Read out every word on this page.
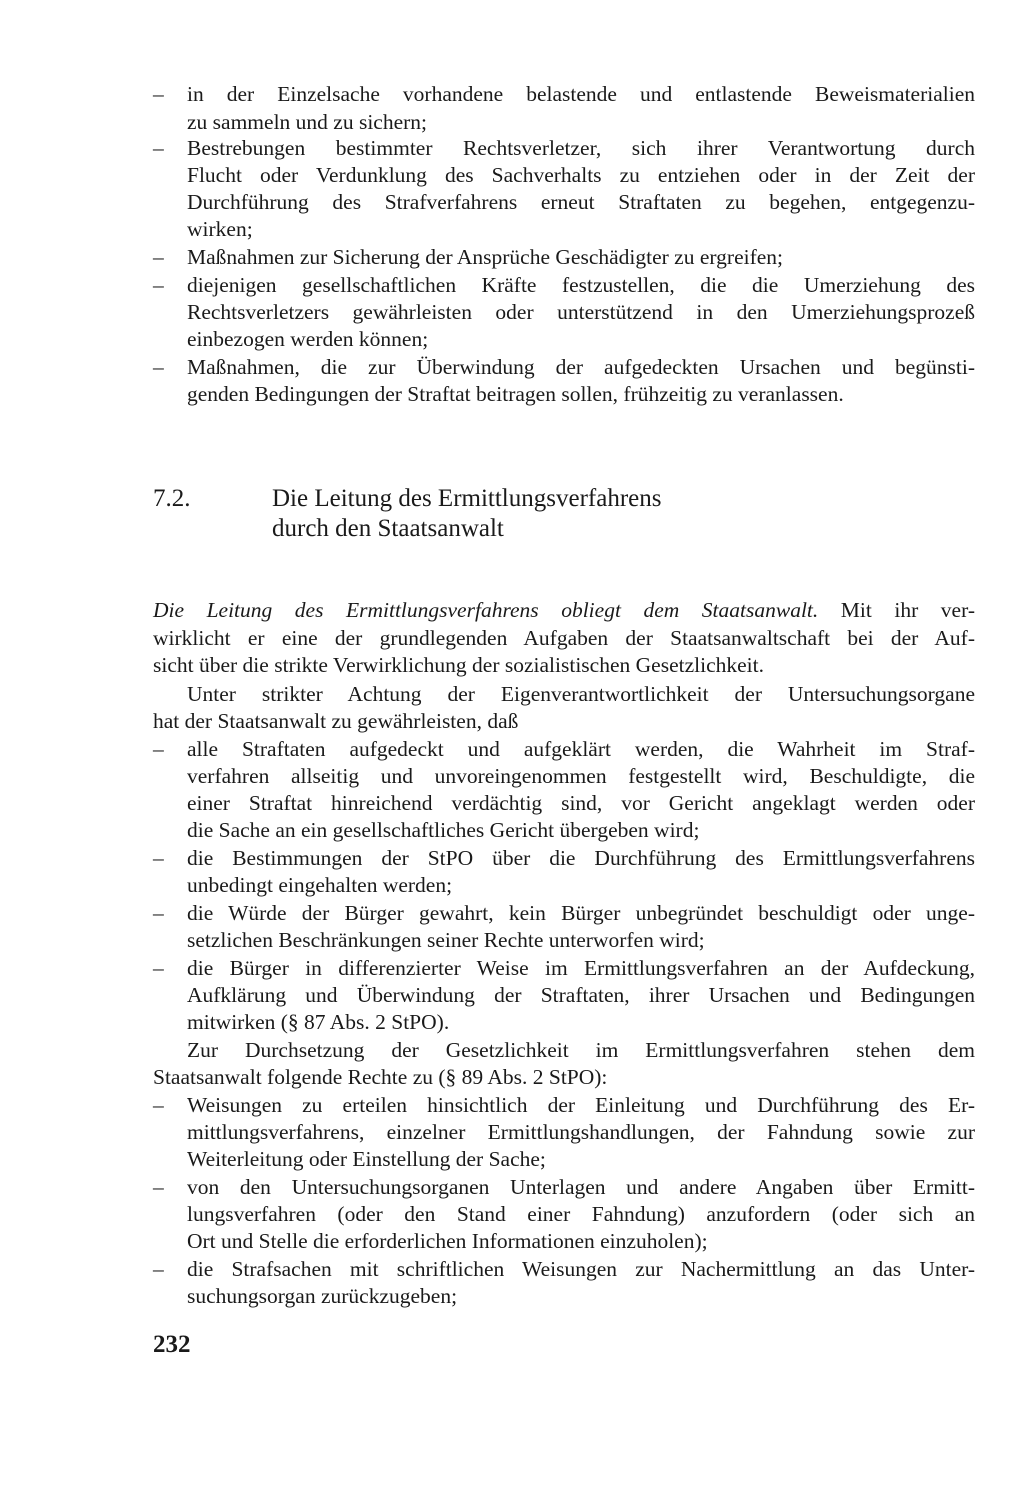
– in der Einzelsache vorhandene belastende und entlastende Beweismaterialien
zu sammeln und zu sichern;
– Bestrebungen bestimmter Rechtsverletzer, sich ihrer Verantwortung durch
Flucht oder Verdunklung des Sachverhalts zu entziehen oder in der Zeit der
Durchführung des Strafverfahrens erneut Straftaten zu begehen, entgegenzu-
wirken;
– Maßnahmen zur Sicherung der Ansprüche Geschädigter zu ergreifen;
– diejenigen gesellschaftlichen Kräfte festzustellen, die die Umerziehung des
Rechtsverletzers gewährleisten oder unterstützend in den Umerziehungsprozeß
einbezogen werden können;
– Maßnahmen, die zur Überwindung der aufgedeckten Ursachen und begünsti-
genden Bedingungen der Straftat beitragen sollen, frühzeitig zu veranlassen.
7.2.	Die Leitung des Ermittlungsverfahrens
durch den Staatsanwalt
Die Leitung des Ermittlungsverfahrens obliegt dem Staatsanwalt. Mit ihr ver-
wirklicht er eine der grundlegenden Aufgaben der Staatsanwaltschaft bei der Auf-
sicht über die strikte Verwirklichung der sozialistischen Gesetzlichkeit.
Unter strikter Achtung der Eigenverantwortlichkeit der Untersuchungsorgane
hat der Staatsanwalt zu gewährleisten, daß
– alle Straftaten aufgedeckt und aufgeklärt werden, die Wahrheit im Straf-
verfahren allseitig und unvoreingenommen festgestellt wird, Beschuldigte, die
einer Straftat hinreichend verdächtig sind, vor Gericht angeklagt werden oder
die Sache an ein gesellschaftliches Gericht übergeben wird;
– die Bestimmungen der StPO über die Durchführung des Ermittlungsverfahrens
unbedingt eingehalten werden;
– die Würde der Bürger gewahrt, kein Bürger unbegründet beschuldigt oder unge-
setzlichen Beschränkungen seiner Rechte unterworfen wird;
– die Bürger in differenzierter Weise im Ermittlungsverfahren an der Aufdeckung,
Aufklärung und Überwindung der Straftaten, ihrer Ursachen und Bedingungen
mitwirken (§ 87 Abs. 2 StPO).
Zur Durchsetzung der Gesetzlichkeit im Ermittlungsverfahren stehen dem
Staatsanwalt folgende Rechte zu (§ 89 Abs. 2 StPO):
– Weisungen zu erteilen hinsichtlich der Einleitung und Durchführung des Er-
mittlungsverfahrens, einzelner Ermittlungshandlungen, der Fahndung sowie zur
Weiterleitung oder Einstellung der Sache;
– von den Untersuchungsorganen Unterlagen und andere Angaben über Ermitt-
lungsverfahren (oder den Stand einer Fahndung) anzufordern (oder sich an
Ort und Stelle die erforderlichen Informationen einzuholen);
– die Strafsachen mit schriftlichen Weisungen zur Nachermittlung an das Unter-
suchungsorgan zurückzugeben;
232
